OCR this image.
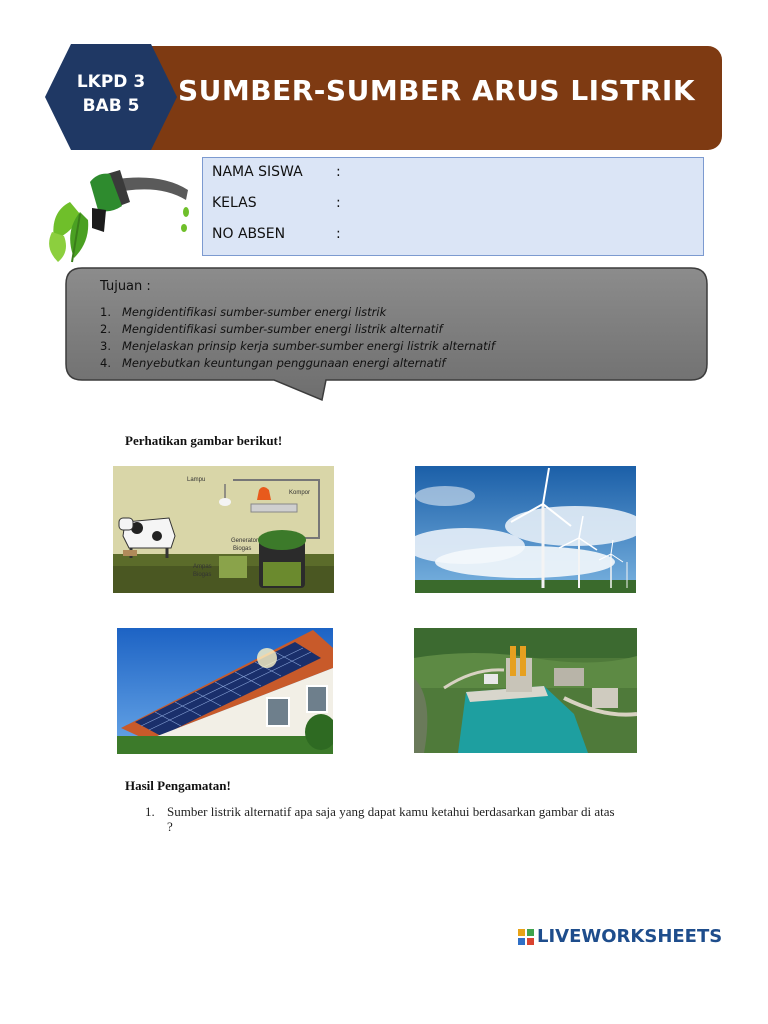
SUMBER-SUMBER ARUS LISTRIK
LKPD 3
BAB 5
NAMA SISWA :
KELAS	:
NO ABSEN	:
Tujuan :
1. Mengidentifikasi sumber-sumber energi listrik
2. Mengidentifikasi sumber-sumber energi listrik alternatif
3. Menjelaskan prinsip kerja sumber-sumber energi listrik alternatif
4. Menyebutkan keuntungan penggunaan energi alternatif
Perhatikan gambar berikut!
Lampu
Kompor
Generator
Biogas
Ampas
Biogas
Hasil Pengamatan!
1. Sumber listrik alternatif apa saja yang dapat kamu ketahui berdasarkan gambar di atas
?
LIVEWORKSHEETS
